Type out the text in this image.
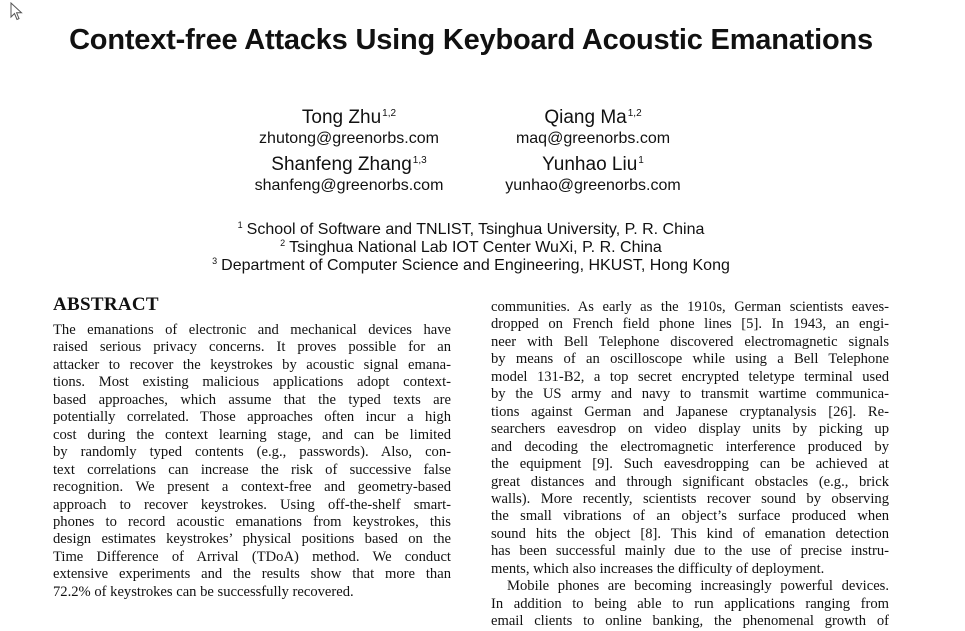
Context-free Attacks Using Keyboard Acoustic Emanations
Tong Zhu$^{1,2}$
zhutong@greenorbs.com
Qiang Ma$^{1,2}$
maq@greenorbs.com
Shanfeng Zhang$^{1,3}$
shanfeng@greenorbs.com
Yunhao Liu$^1$
yunhao@greenorbs.com
$^1$ School of Software and TNLIST, Tsinghua University, P. R. China
$^2$ Tsinghua National Lab IOT Center WuXi, P. R. China
$^3$ Department of Computer Science and Engineering, HKUST, Hong Kong
ABSTRACT
The emanations of electronic and mechanical devices have
raised serious privacy concerns. It proves possible for an
attacker to recover the keystrokes by acoustic signal emana-
tions. Most existing malicious applications adopt context-
based approaches, which assume that the typed texts are
potentially correlated. Those approaches often incur a high
cost during the context learning stage, and can be limited
by randomly typed contents (e.g., passwords). Also, con-
text correlations can increase the risk of successive false
recognition. We present a context-free and geometry-based
approach to recover keystrokes. Using off-the-shelf smart-
phones to record acoustic emanations from keystrokes, this
design estimates keystrokes’ physical positions based on the
Time Difference of Arrival (TDoA) method. We conduct
extensive experiments and the results show that more than
72.2% of keystrokes can be successfully recovered.
communities. As early as the 1910s, German scientists eaves-
dropped on French field phone lines [5]. In 1943, an engi-
neer with Bell Telephone discovered electromagnetic signals
by means of an oscilloscope while using a Bell Telephone
model 131-B2, a top secret encrypted teletype terminal used
by the US army and navy to transmit wartime communica-
tions against German and Japanese cryptanalysis [26]. Re-
searchers eavesdrop on video display units by picking up
and decoding the electromagnetic interference produced by
the equipment [9]. Such eavesdropping can be achieved at
great distances and through significant obstacles (e.g., brick
walls). More recently, scientists recover sound by observing
the small vibrations of an object’s surface produced when
sound hits the object [8]. This kind of emanation detection
has been successful mainly due to the use of precise instru-
ments, which also increases the difficulty of deployment.
Mobile phones are becoming increasingly powerful devices.
In addition to being able to run applications ranging from
email clients to online banking, the phenomenal growth of
